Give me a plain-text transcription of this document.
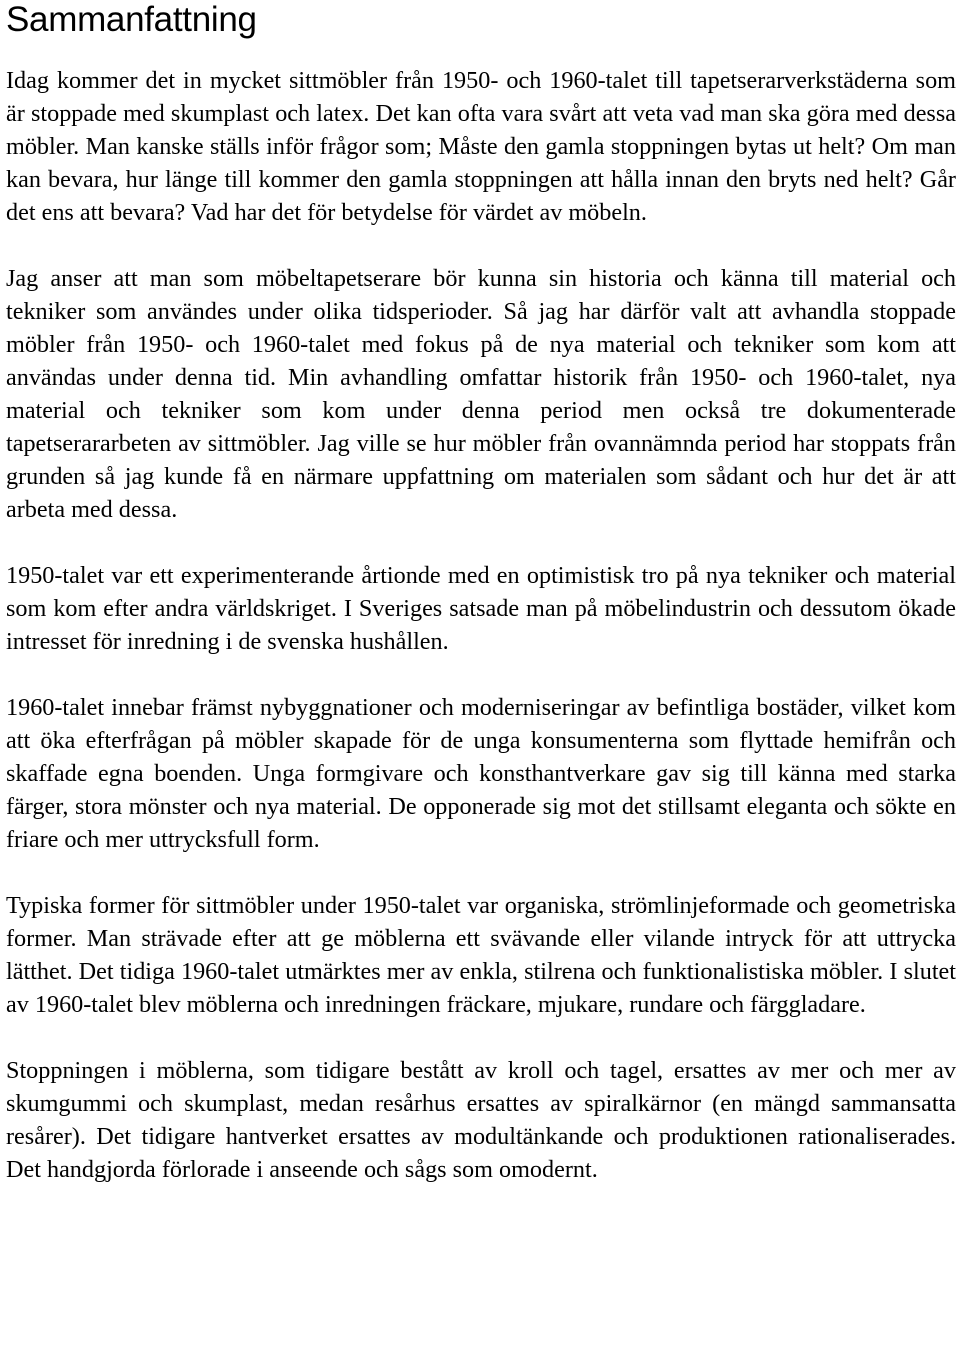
Sammanfattning

Idag kommer det in mycket sittmöbler från 1950- och 1960-talet till tapetserarverkstäderna som är stoppade med skumplast och latex. Det kan ofta vara svårt att veta vad man ska göra med dessa möbler. Man kanske ställs inför frågor som; Måste den gamla stoppningen bytas ut helt? Om man kan bevara, hur länge till kommer den gamla stoppningen att hålla innan den bryts ned helt? Går det ens att bevara? Vad har det för betydelse för värdet av möbeln.

Jag anser att man som möbeltapetserare bör kunna sin historia och känna till material och tekniker som användes under olika tidsperioder. Så jag har därför valt att avhandla stoppade möbler från 1950- och 1960-talet med fokus på de nya material och tekniker som kom att användas under denna tid. Min avhandling omfattar historik från 1950- och 1960-talet, nya material och tekniker som kom under denna period men också tre dokumenterade tapetserararbeten av sittmöbler. Jag ville se hur möbler från ovannämnda period har stoppats från grunden så jag kunde få en närmare uppfattning om materialen som sådant och hur det är att arbeta med dessa.

1950-talet var ett experimenterande årtionde med en optimistisk tro på nya tekniker och material som kom efter andra världskriget. I Sveriges satsade man på möbelindustrin och dessutom ökade intresset för inredning i de svenska hushållen.

1960-talet innebar främst nybyggnationer och moderniseringar av befintliga bostäder, vilket kom att öka efterfrågan på möbler skapade för de unga konsumenterna som flyttade hemifrån och skaffade egna boenden. Unga formgivare och konsthantverkare gav sig till känna med starka färger, stora mönster och nya material. De opponerade sig mot det stillsamt eleganta och sökte en friare och mer uttrycksfull form.

Typiska former för sittmöbler under 1950-talet var organiska, strömlinjeformade och geometriska former. Man strävade efter att ge möblerna ett svävande eller vilande intryck för att uttrycka lätthet. Det tidiga 1960-talet utmärktes mer av enkla, stilrena och funktionalistiska möbler. I slutet av 1960-talet blev möblerna och inredningen fräckare, mjukare, rundare och färggladare.

Stoppningen i möblerna, som tidigare bestått av kroll och tagel, ersattes av mer och mer av skumgummi och skumplast, medan resårhus ersattes av spiralkärnor (en mängd sammansatta resårer). Det tidigare hantverket ersattes av modultänkande och produktionen rationaliserades. Det handgjorda förlorade i anseende och sågs som omodernt.
